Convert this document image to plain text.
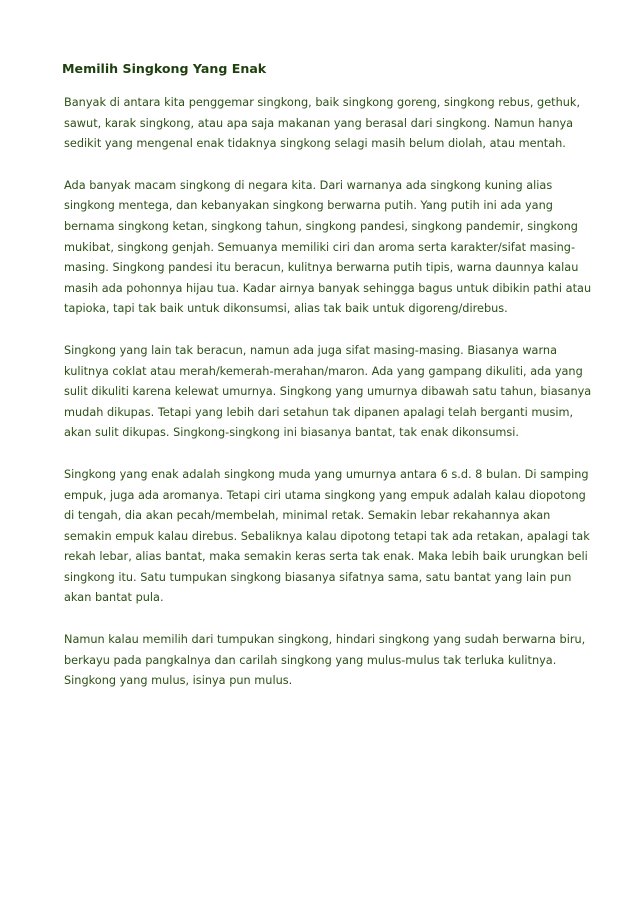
Memilih Singkong Yang Enak

Banyak di antara kita penggemar singkong, baik singkong goreng, singkong rebus, gethuk,
sawut, karak singkong, atau apa saja makanan yang berasal dari singkong. Namun hanya
sedikit yang mengenal enak tidaknya singkong selagi masih belum diolah, atau mentah.

Ada banyak macam singkong di negara kita. Dari warnanya ada singkong kuning alias
singkong mentega, dan kebanyakan singkong berwarna putih. Yang putih ini ada yang
bernama singkong ketan, singkong tahun, singkong pandesi, singkong pandemir, singkong
mukibat, singkong genjah. Semuanya memiliki ciri dan aroma serta karakter/sifat masing-
masing. Singkong pandesi itu beracun, kulitnya berwarna putih tipis, warna daunnya kalau
masih ada pohonnya hijau tua. Kadar airnya banyak sehingga bagus untuk dibikin pathi atau
tapioka, tapi tak baik untuk dikonsumsi, alias tak baik untuk digoreng/direbus.

Singkong yang lain tak beracun, namun ada juga sifat masing-masing. Biasanya warna
kulitnya coklat atau merah/kemerah-merahan/maron. Ada yang gampang dikuliti, ada yang
sulit dikuliti karena kelewat umurnya. Singkong yang umurnya dibawah satu tahun, biasanya
mudah dikupas. Tetapi yang lebih dari setahun tak dipanen apalagi telah berganti musim,
akan sulit dikupas. Singkong-singkong ini biasanya bantat, tak enak dikonsumsi.

Singkong yang enak adalah singkong muda yang umurnya antara 6 s.d. 8 bulan. Di samping
empuk, juga ada aromanya. Tetapi ciri utama singkong yang empuk adalah kalau diopotong
di tengah, dia akan pecah/membelah, minimal retak. Semakin lebar rekahannya akan
semakin empuk kalau direbus. Sebaliknya kalau dipotong tetapi tak ada retakan, apalagi tak
rekah lebar, alias bantat, maka semakin keras serta tak enak. Maka lebih baik urungkan beli
singkong itu. Satu tumpukan singkong biasanya sifatnya sama, satu bantat yang lain pun
akan bantat pula.

Namun kalau memilih dari tumpukan singkong, hindari singkong yang sudah berwarna biru,
berkayu pada pangkalnya dan carilah singkong yang mulus-mulus tak terluka kulitnya.
Singkong yang mulus, isinya pun mulus.
